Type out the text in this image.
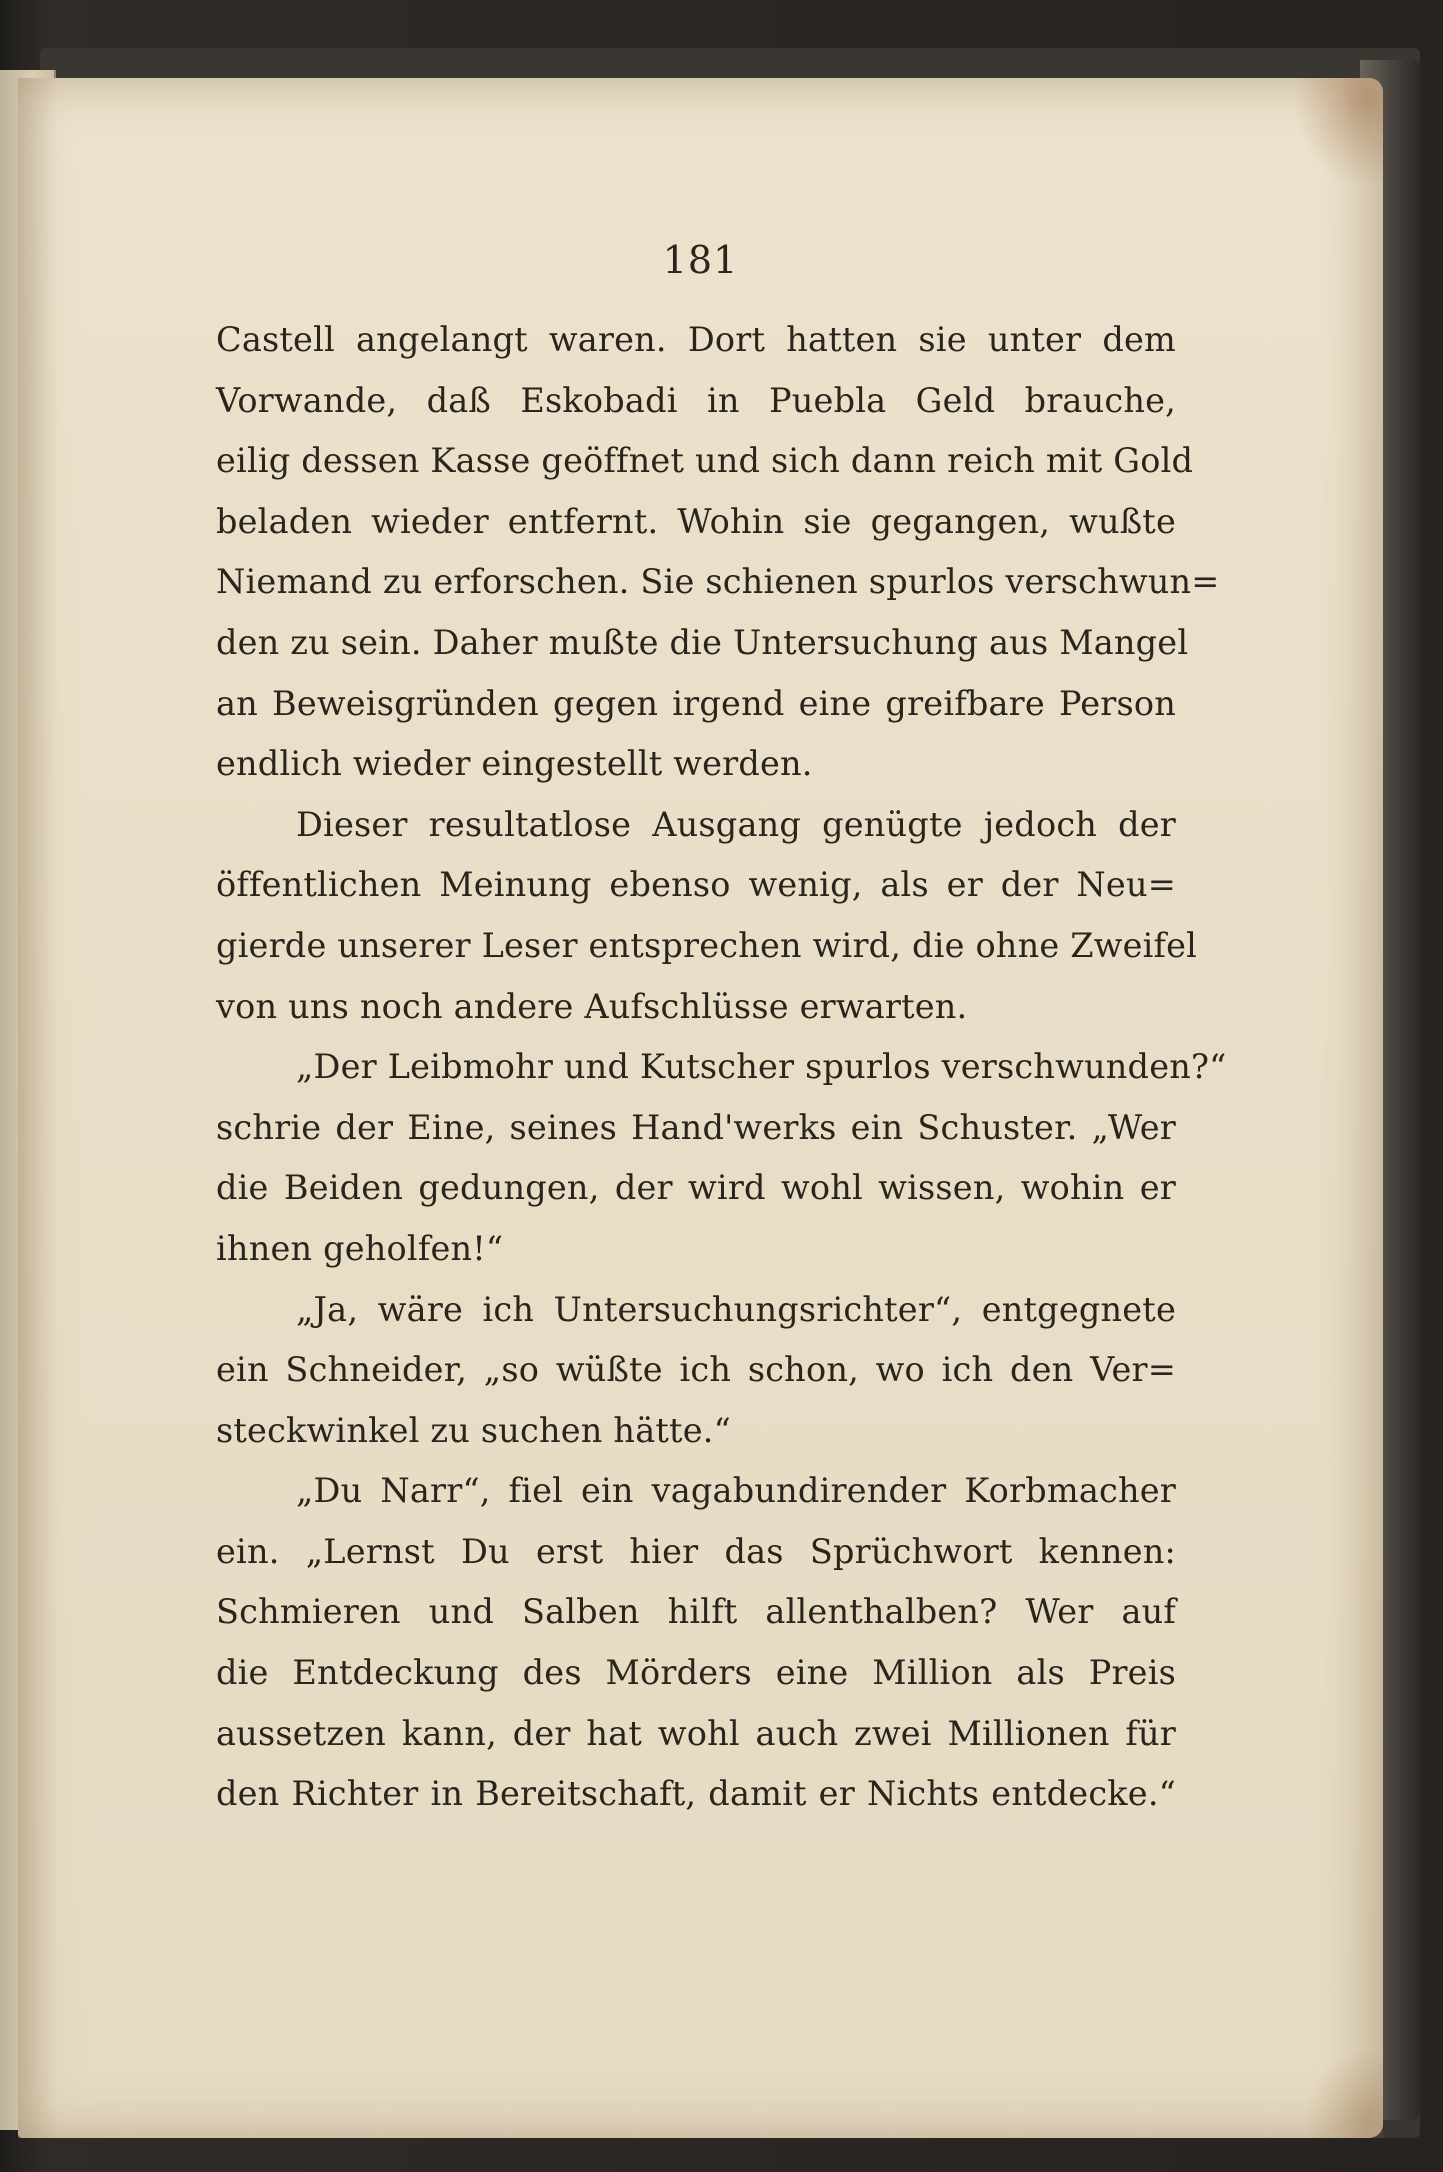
181
Castell angelangt waren. Dort hatten sie unter dem
Vorwande, daß Eskobadi in Puebla Geld brauche,
eilig dessen Kasse geöffnet und sich dann reich mit Gold
beladen wieder entfernt. Wohin sie gegangen, wußte
Niemand zu erforschen. Sie schienen spurlos verschwun=
den zu sein. Daher mußte die Untersuchung aus Mangel
an Beweisgründen gegen irgend eine greifbare Person
endlich wieder eingestellt werden.
Dieser resultatlose Ausgang genügte jedoch der
öffentlichen Meinung ebenso wenig, als er der Neu=
gierde unserer Leser entsprechen wird, die ohne Zweifel
von uns noch andere Aufschlüsse erwarten.
„Der Leibmohr und Kutscher spurlos verschwunden?“
schrie der Eine, seines Hand'werks ein Schuster. „Wer
die Beiden gedungen, der wird wohl wissen, wohin er
ihnen geholfen!“
„Ja, wäre ich Untersuchungsrichter“, entgegnete
ein Schneider, „so wüßte ich schon, wo ich den Ver=
steckwinkel zu suchen hätte.“
„Du Narr“, fiel ein vagabundirender Korbmacher
ein. „Lernst Du erst hier das Sprüchwort kennen:
Schmieren und Salben hilft allenthalben? Wer auf
die Entdeckung des Mörders eine Million als Preis
aussetzen kann, der hat wohl auch zwei Millionen für
den Richter in Bereitschaft, damit er Nichts entdecke.“
